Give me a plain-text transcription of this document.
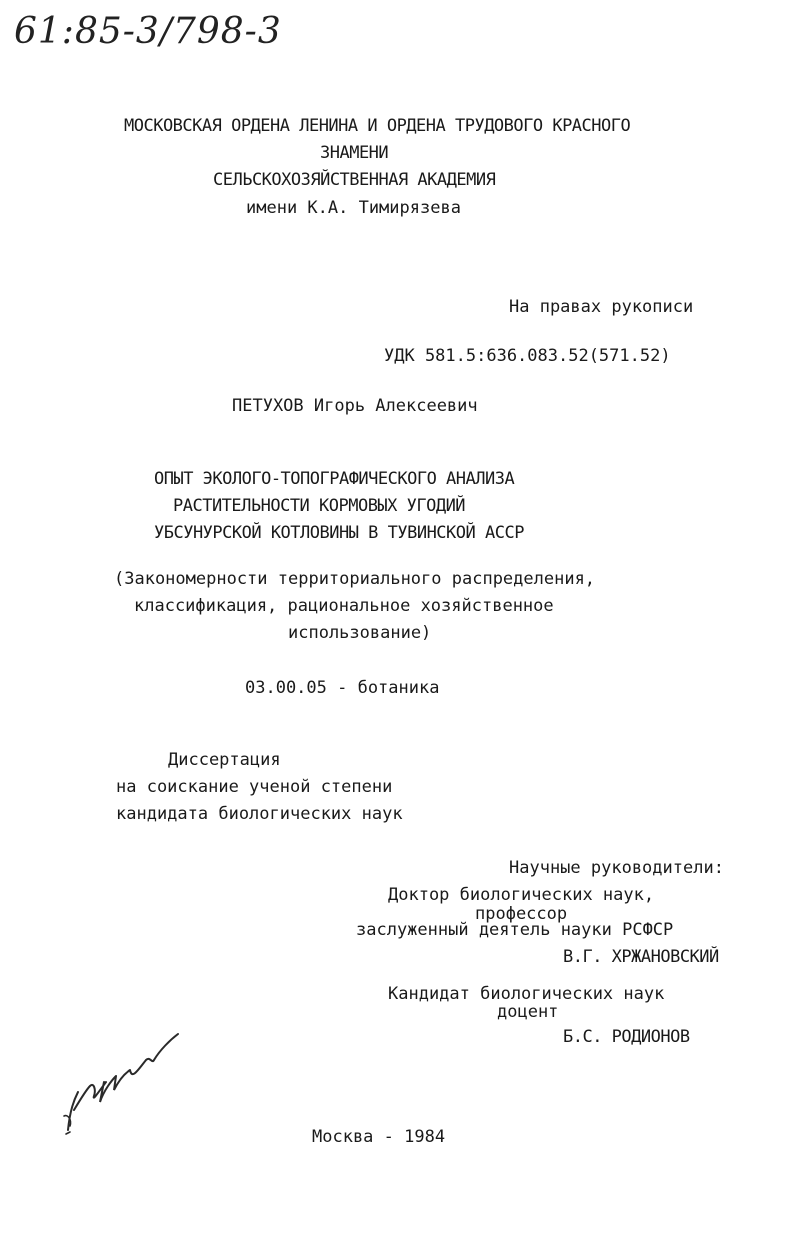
61:85-3/798-3
МОСКОВСКАЯ ОРДЕНА ЛЕНИНА И ОРДЕНА ТРУДОВОГО КРАСНОГО
ЗНАМЕНИ
СЕЛЬСКОХОЗЯЙСТВЕННАЯ АКАДЕМИЯ
имени К.А. Тимирязева
На правах рукописи
УДК 581.5:636.083.52(571.52)
ПЕТУХОВ Игорь Алексеевич
ОПЫТ ЭКОЛОГО-ТОПОГРАФИЧЕСКОГО АНАЛИЗА
РАСТИТЕЛЬНОСТИ КОРМОВЫХ УГОДИЙ
УБСУНУРСКОЙ КОТЛОВИНЫ В ТУВИНСКОЙ АССР
(Закономерности территориального распределения,
классификация, рациональное хозяйственное
использование)
03.00.05 - ботаника
Диссертация
на соискание ученой степени
кандидата биологических наук
Научные руководители:
Доктор биологических наук,
профессор
заслуженный деятель науки РСФСР
В.Г. ХРЖАНОВСКИЙ
Кандидат биологических наук
доцент
Б.С. РОДИОНОВ
Москва - 1984
